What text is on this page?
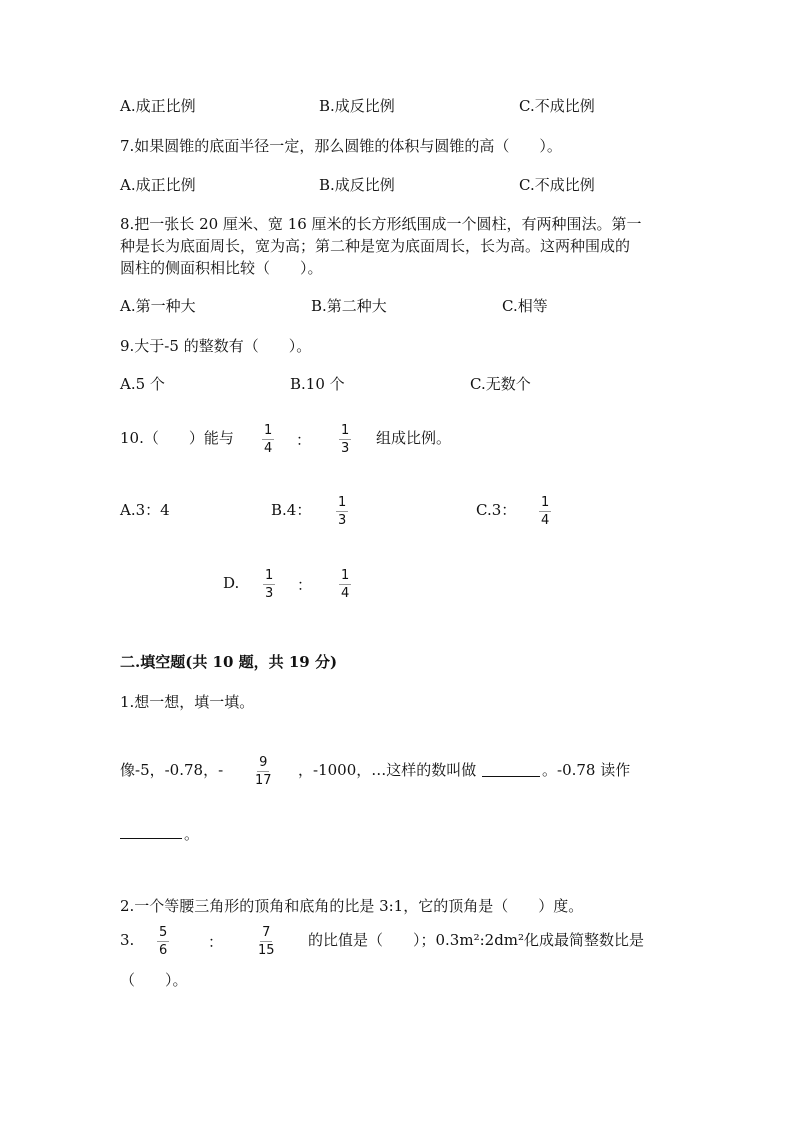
A.成正比例	B.成反比例	C.不成比例
7.如果圆锥的底面半径一定，那么圆锥的体积与圆锥的高（　　）。
A.成正比例	B.成反比例	C.不成比例
8.把一张长 20 厘米、宽 16 厘米的长方形纸围成一个圆柱，有两种围法。第一
种是长为底面周长，宽为高；第二种是宽为底面周长，长为高。这两种围成的
圆柱的侧面积相比较（　　）。
A.第一种大	B.第二种大	C.相等
9.大于-5 的整数有（　　）。
A.5 个	B.10 个	C.无数个
10.（　　）能与 $\frac{1}{4}$ ： $\frac{1}{3}$ 组成比例。
A.3：4	B.4： $\frac{1}{3}$	C.3： $\frac{1}{4}$
D. $\frac{1}{3}$ ： $\frac{1}{4}$
二.填空题(共 10 题，共 19 分)
1.想一想，填一填。
像-5，-0.78，- $\frac{9}{17}$ ，-1000，…这样的数叫做	。-0.78 读作
。
2.一个等腰三角形的顶角和底角的比是 3:1，它的顶角是（　　）度。
3. $\frac{5}{6}$	：	$\frac{7}{15}$ 的比值是（　　）；0.3m²:2dm²化成最简整数比是
（　　）。
